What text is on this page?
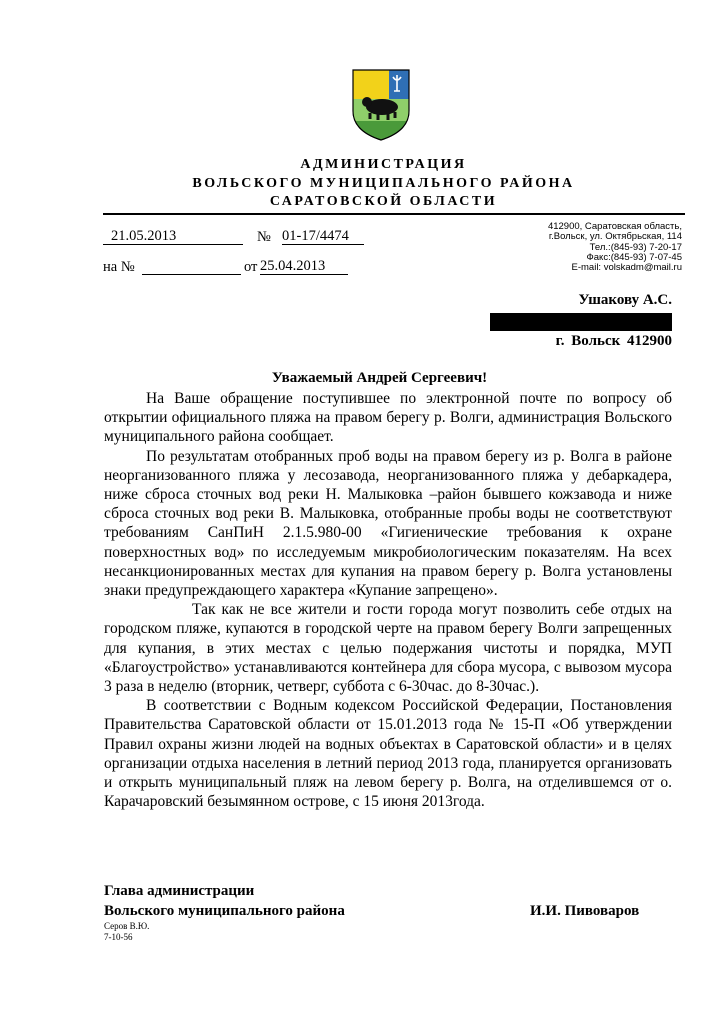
АДМИНИСТРАЦИЯ
ВОЛЬСКОГО МУНИЦИПАЛЬНОГО РАЙОНА
САРАТОВСКОЙ ОБЛАСТИ
21.05.2013	№ 01-17/4474
на №	от 25.04.2013
412900, Саратовская область,
г.Вольск, ул. Октябрьская, 114
Тел.:(845-93) 7-20-17
Факс:(845-93) 7-07-45
E-mail: volskadm@mail.ru
Ушакову А.С.
г. Вольск 412900
Уважаемый Андрей Сергеевич!

На Ваше обращение поступившее по электронной почте по вопросу об открытии официального пляжа на правом берегу р. Волги, администрация Вольского муниципального района сообщает.

По результатам отобранных проб воды на правом берегу из р. Волга в районе неорганизованного пляжа у лесозавода, неорганизованного пляжа у дебаркадера, ниже сброса сточных вод реки Н. Малыковка –район бывшего кожзавода и ниже сброса сточных вод реки В. Малыковка, отобранные пробы воды не соответствуют требованиям СанПиН 2.1.5.980-00 «Гигиенические требования к охране поверхностных вод» по исследуемым микробиологическим показателям. На всех несанкционированных местах для купания на правом берегу р. Волга установлены знаки предупреждающего характера «Купание запрещено».

Так как не все жители и гости города могут позволить себе отдых на городском пляже, купаются в городской черте на правом берегу Волги запрещенных для купания, в этих местах с целью подержания чистоты и порядка, МУП «Благоустройство» устанавливаются контейнера для сбора мусора, с вывозом мусора 3 раза в неделю (вторник, четверг, суббота с 6-30час. до 8-30час.).

В соответствии с Водным кодексом Российской Федерации, Постановления Правительства Саратовской области от 15.01.2013 года № 15-П «Об утверждении Правил охраны жизни людей на водных объектах в Саратовской области» и в целях организации отдыха населения в летний период 2013 года, планируется организовать и открыть муниципальный пляж на левом берегу р. Волга, на отделившемся от о. Карачаровский безымянном острове, с 15 июня 2013года.

Глава администрации
Вольского муниципального района	И.И. Пивоваров
Серов В.Ю.
7-10-56
